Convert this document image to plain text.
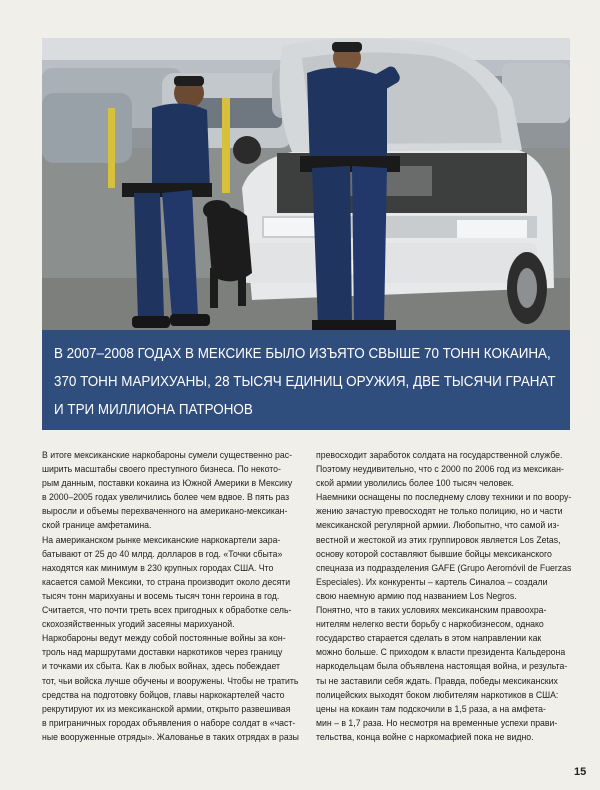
В 2007–2008 ГОДАХ В МЕКСИКЕ БЫЛО ИЗЪЯТО СВЫШЕ 70 ТОНН КОКАИНА,
370 ТОНН МАРИХУАНЫ, 28 ТЫСЯЧ ЕДИНИЦ ОРУЖИЯ, ДВЕ ТЫСЯЧИ ГРАНАТ
И ТРИ МИЛЛИОНА ПАТРОНОВ
В итоге мексиканские наркобароны сумели существенно рас-
ширить масштабы своего преступного бизнеса. По некото-
рым данным, поставки кокаина из Южной Америки в Мексику
в 2000–2005 годах увеличились более чем вдвое. В пять раз
выросли и объемы перехваченного на американо-мексикан-
ской границе амфетамина.
На американском рынке мексиканские наркокартели зара-
батывают от 25 до 40 млрд. долларов в год. «Точки сбыта»
находятся как минимум в 230 крупных городах США. Что
касается самой Мексики, то страна производит около десяти
тысяч тонн марихуаны и восемь тысяч тонн героина в год.
Считается, что почти треть всех пригодных к обработке сель-
скохозяйственных угодий засеяны марихуаной.
Наркобароны ведут между собой постоянные войны за кон-
троль над маршрутами доставки наркотиков через границу
и точками их сбыта. Как в любых войнах, здесь побеждает
тот, чьи войска лучше обучены и вооружены. Чтобы не тратить
средства на подготовку бойцов, главы наркокартелей часто
рекрутируют их из мексиканской армии, открыто развешивая
в приграничных городах объявления о наборе солдат в «част-
ные вооруженные отряды». Жалованье в таких отрядах в разы
превосходит заработок солдата на государственной службе.
Поэтому неудивительно, что с 2000 по 2006 год из мексикан-
ской армии уволились более 100 тысяч человек.
Наемники оснащены по последнему слову техники и по воору-
жению зачастую превосходят не только полицию, но и части
мексиканской регулярной армии. Любопытно, что самой из-
вестной и жестокой из этих группировок является Los Zetas,
основу которой составляют бывшие бойцы мексиканского
спецназа из подразделения GAFE (Grupo Aeromóvil de Fuerzas
Especiales). Их конкуренты – картель Синалоа – создали
свою наемную армию под названием Los Negros.
Понятно, что в таких условиях мексиканским правоохра-
нителям нелегко вести борьбу с наркобизнесом, однако
государство старается сделать в этом направлении как
можно больше. С приходом к власти президента Кальдерона
наркодельцам была объявлена настоящая война, и результа-
ты не заставили себя ждать. Правда, победы мексиканских
полицейских выходят боком любителям наркотиков в США:
цены на кокаин там подскочили в 1,5 раза, а на амфета-
мин – в 1,7 раза. Но несмотря на временные успехи прави-
тельства, конца войне с наркомафией пока не видно.
15
